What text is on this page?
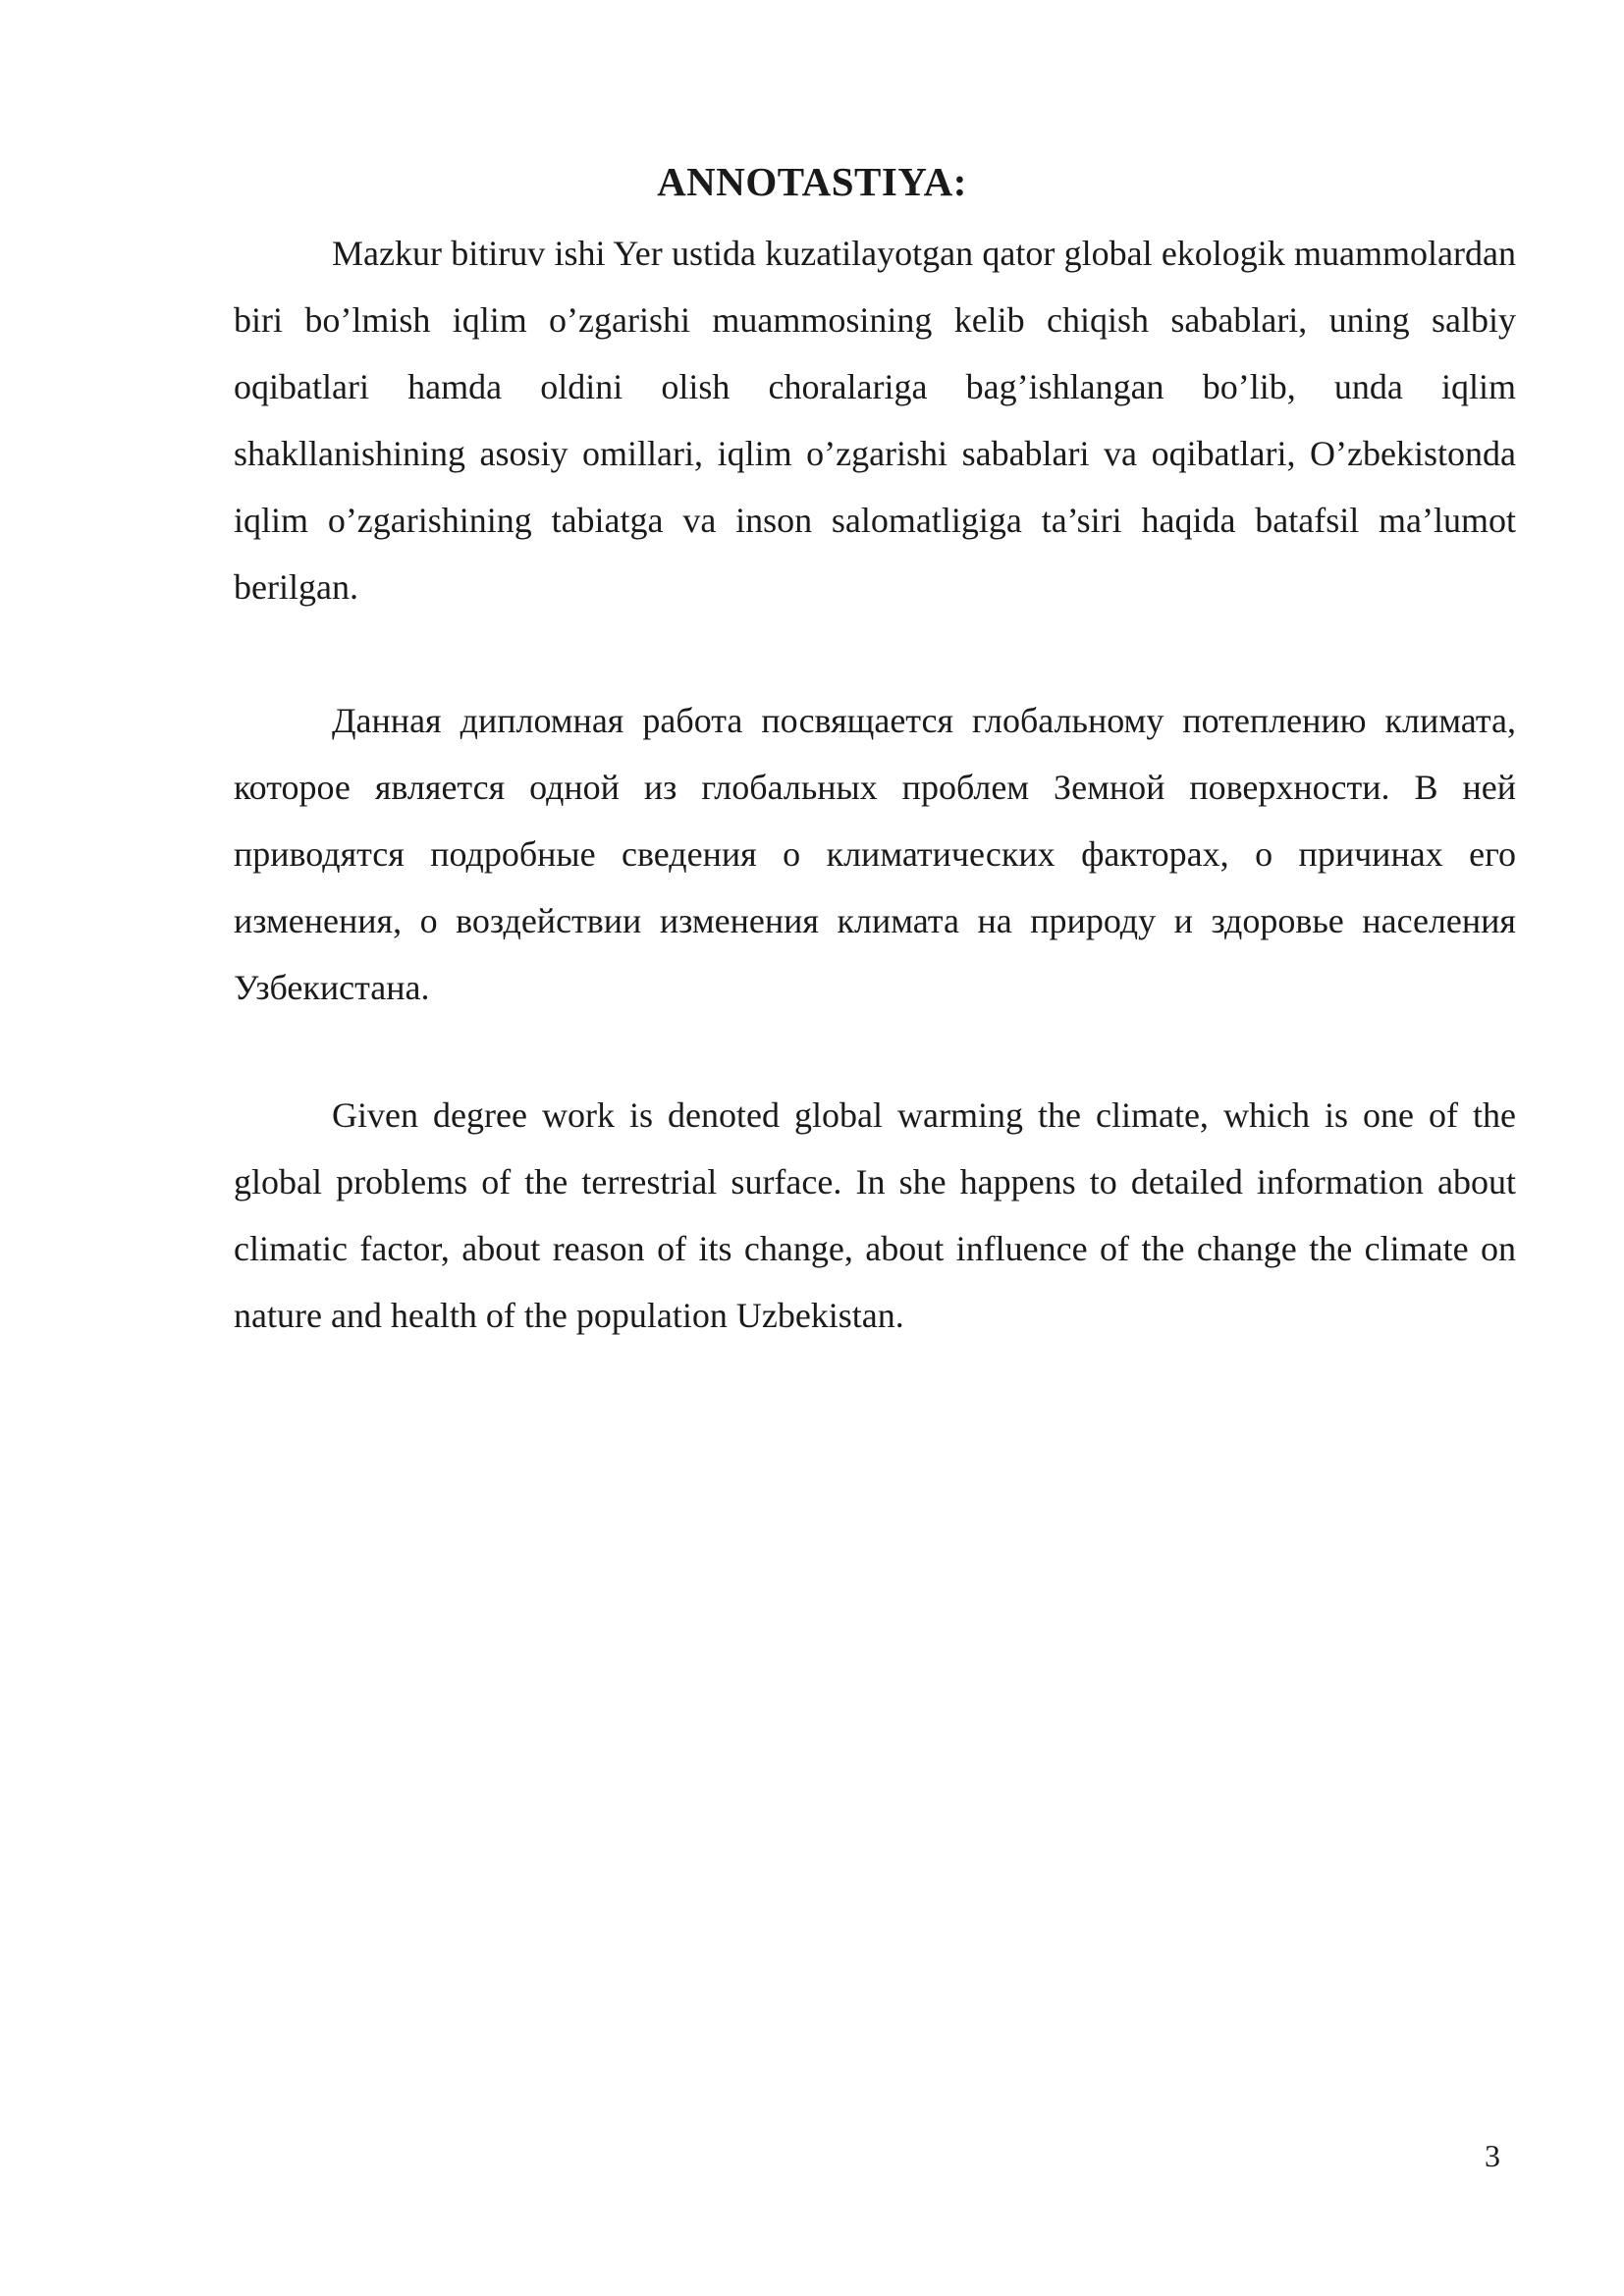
ANNOTASTIYA:

Mazkur bitiruv ishi Yer ustida kuzatilayotgan qator global ekologik muammolardan biri bo’lmish iqlim o’zgarishi muammosining kelib chiqish sabablari, uning salbiy oqibatlari hamda oldini olish choralariga bag’ishlangan bo’lib, unda iqlim shakllanishining asosiy omillari, iqlim o’zgarishi sabablari va oqibatlari, O’zbekistonda iqlim o’zgarishining tabiatga va inson salomatligiga ta’siri haqida batafsil ma’lumot berilgan.

Данная дипломная работа посвящается глобальному потеплению климата, которое является одной из глобальных проблем Земной поверхности. В ней приводятся подробные сведения о климатических факторах, о причинах его изменения, о воздействии изменения климата на природу и здоровье населения Узбекистана.

Given degree work is denoted global warming the climate, which is one of the global problems of the terrestrial surface. In she happens to detailed information about climatic factor, about reason of its change, about influence of the change the climate on nature and health of the population Uzbekistan.

3
